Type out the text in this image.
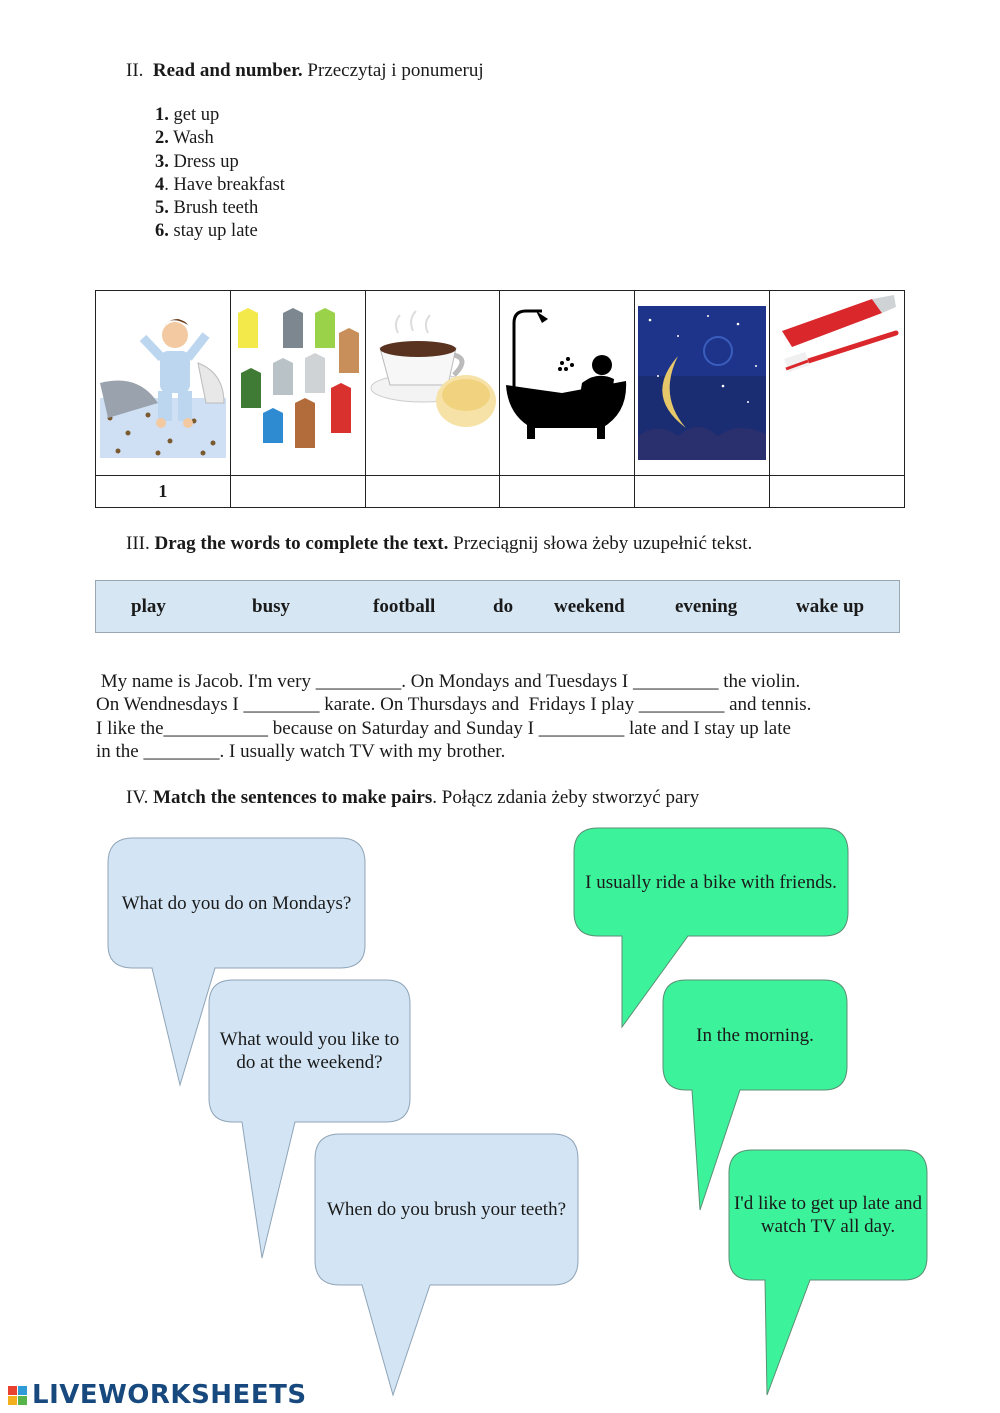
II. Read and number. Przeczytaj i ponumeruj
1. get up
2. Wash
3. Dress up
4. Have breakfast
5. Brush teeth
6. stay up late

1					
III. Drag the words to complete the text. Przeciągnij słowa żeby uzupełnić tekst.
play	busy	football	do weekend	evening	wake up
My name is Jacob. I'm very _________. On Mondays and Tuesdays I _________ the violin.
On Wendnesdays I ________ karate. On Thursdays and  Fridays I play _________ and tennis.
I like the___________ because on Saturday and Sunday I _________ late and I stay up late
in the ________. I usually watch TV with my brother.
IV. Match the sentences to make pairs. Połącz zdania żeby stworzyć pary
What do you do on Mondays?
What would you like to do at the weekend?
When do you brush your teeth?
I usually ride a bike with friends.
In the morning.
I'd like to get up late and watch TV all day.
LIVEWORKSHEETS
